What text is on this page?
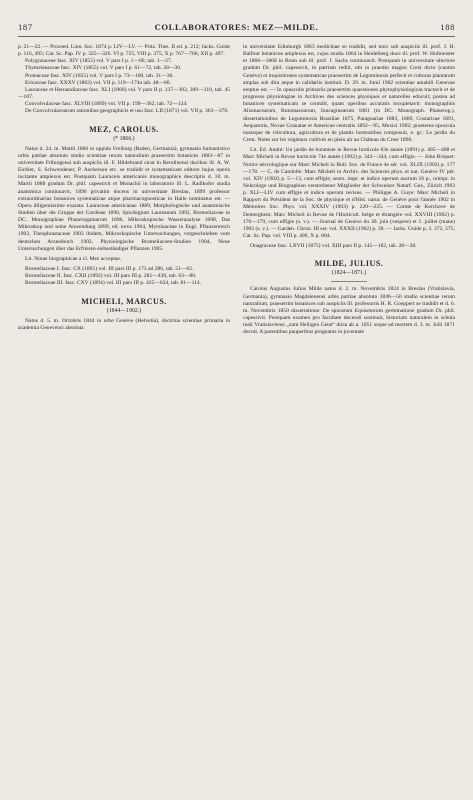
187	COLLABORATORES: MEZ—MILDE.	188

p. 21—22. — Proceed. Linn. Soc. 1874 p. LIV—LV. — Pritz. Thes. II ed. p. 212; Jacks. Guide p. 116, 495; Cat. Sc. Pap. IV p. 325—326. VI p. 725, VIII p. 375, X p. 767—768, XII p. 497.

Polygonaceae fasc. XIV (1855) vol. V pars I p. 1—60, tab. 1—27.

Thymelaeaceae fasc. XIV (1855) vol. V pars I p. 61—72, tab. 28—30.

Proteaceae fasc. XIV (1855) vol. V pars I p. 73—100, tab. 31—36.

Ericaceae fasc. XXXV (1863) vol. VII p. 119—174a tab. 48—66.

Lauraceae et Hernandiaceae fasc. XLI (1866) vol. V pars II p. 137—302, 309—310, tab. 45—107.

Convolvulaceae fasc. XLVIII (1869) vol. VII p. 199—362, tab. 72—124.

De Convolvulacearum rationibus geographicis et usu fasc. LII (1871) vol. VII p. 363—370.

MEZ, CAROLUS.
(* 1866.)

Natus d. 24. m. Martii 1866 in oppido Freiburg (Baden, Germania), gymnasio humanistico urbis patriae absoluto studio scientiae rerum naturalium praesertim botanices 1883—87 in universitate Friburgensi sub auspiciis ill. F. Hildebrand sicut in Berolinensi ducibus ill. A. W. Eichler, S. Schwendener, P. Ascherson etc. se tradidit et systematicam editore hujus operis incitante amplexus est. Postquam Lauraceis americanis monographice descriptis d. 10. m. Martii 1888 gradum Dr. phil. capessivit et Monachii in laboratorio ill. L. Radlkofer studia anatomica continuavit, 1890 privatim docens in universitate Breslau, 1899 professor extraordinarius botanices systematicae atque pharmacognosticae in Halle nominatus est. — Opera diligentissime exarata: Lauraceae americanae 1889, Morphologische und anatomische Studien über die Gruppe der Cordieae 1890, Spicilegium Laureanum 1892, Bromeliaceae in DC. Monographiae Phanerogamarum 1896, Mikroskopische Wasseranalyse 1898, Das Mikroskop und seine Anwendung 1899, ed. nova 1904, Myrsinaceae in Engl. Pflanzenreich 1902, Theophrastaceae 1903 ibidem, Mikroskopische Untersuchungen, vorgeschrieben vom deutschen Arzneibuch 1902, Physiologische Bromeliaceen-Studien 1904, Neue Untersuchungen über das Erfrieren eisbeständiger Pflanzen 1905.

Lit. Notae biographicae a cl. Mez acceptae.

Bromeliaceae I. fasc. CX (1891) vol. III pars III p. 173 ad 286, tab. 51—62.

Bromeliaceae II. fasc. CXII (1892) vol. III pars III p. 281—430, tab. 63—80.

Bromeliaceae III. fasc. CXV (1894) vol. III pars III p. 425—634, tab. 81—114.

MICHELI, MARCUS.
(1844—1902.)

Natus d. 5. m. Octobris 1844 in urbe Genève (Helvetia), doctrina scientiae primaria in academia Genevensi absoluta

in universitate Edinburgh 1863 medicinae se tradidit, sed mox sub auspiciis ill. prof. J. H. Balfour botanicen amplexus est, cujus studia 1864 in Heidelberg duce ill. prof. W. Hofmeister et 1866—1868 in Bonn sub ill. prof. J. Sachs continuavit. Postquam in universitate ulteriore gradum Dr. phil. capessivit, in patriam rediit, ubi in praedio magno Crest dicto (canton Genève) et inquisitiones systematicae praesertim de Leguminosis perfecit et culturas plantarum amplas sub dira atque in calidariis instituit. D. 29. m. Junii 1902 scientiae amabili Genevae ereptus est. — In opusculis primariis praesertim quaestiones phytophysiologicas tractavit et de progressu physiologiae in Archives des sciences physiques et naturelles edocuit; postea ad botanicen systematicam se contulit, quam operibus accuratis locupletavit: monographiis Alismacearum, Butomacearum, Juncaginearum 1881 (in DC. Monograph. Phanerog.), dissertationibus de Leguminosis Brasiliae 1875, Paraguariae 1883, 1889, Costaricae 1891, Aequatoris, Novae Granatae et Americae centralis 1892—95, Mexici 1902; praeterea opuscula notasque de viticultura, agricultura et de plantis hortensibus composuit, e. gr.: Le jardin du Crest. Notes sur les végétaux cultivés en plein air au Château du Crest 1896.

Lit. Ed. André: Un jardin de botaniste in Revue horticole 63e année (1891) p. 405—408 et Marc Micheli in Revue horticole 74e année (1902) p. 342—344, cum effigie. — John Briquet: Notice nécrologique sur Marc Micheli in Bull. Soc. de France 4e sér. vol. XLIX (1902) p. 177—178. — C. de Candolle: Marc Micheli in Archiv. des Sciences phys. et nat. Genève IV pér. vol. XIV (1902) p. 5—13, cum effigie, seors. impr. et indice operum auctum 16 p., reimpr. in Nekrologe und Biographien verstorbener Mitglieder der Schweizer Naturf. Ges., Zürich 1903 p. XLI—LIV cum effigie et indice operum revisus. — Philippe A. Guye: Marc Micheli in Rapport du Président de la Soc. de physique et d'Hist. natur. de Genève pour l'année 1902 in Mémoires Soc. Phys. vol. XXXIV (1903) p. 220—225. — Comte de Kerchove de Denterghem: Marc Micheli in Revue de l'Horticult. belge et étrangère vol. XXVIII (1902) p. 176—179, cum effigie (s. v.). — Journal de Genève du 30. juin (vespere) et 1. juillet (mane) 1902 (s. v.). — Garden. Chron. III ser. vol. XXXII (1902) p. 38. — Jacks. Guide p. 3. 372, 575; Cat. Sc. Pap. vol. VIII p. 400, X p. 804.

Onagraceae fasc. LXVII (1875) vol. XIII pars II p. 145—182, tab. 28—38.

MILDE, JULIUS.
(1824—1871.)

Carolus Augustus Julius Milde natus d. 2. m. Novembris 1824 in Breslau (Vratislavia, Germania), gymnasio Magdalenensi urbis patriae absoluto 1846—50 studio scientiae rerum naturalium, praesertim botanices sub auspiciis ill. professoris H. R. Goeppert se tradidit et d. 6. m. Novembris 1850 dissertatione: De sporarum Equisetorum germinatione gradum Dr. phil. capessivit. Postquam examen pro facultate docendi sustinuit, historiam naturalem in schola reali Vratislaviensi „zum Heiligen Geist“ dicta ab a. 1851 usque ad mortem d. 3. m. Julii 1871 docuit. A parentibus pauperibus prognatus in juventate
